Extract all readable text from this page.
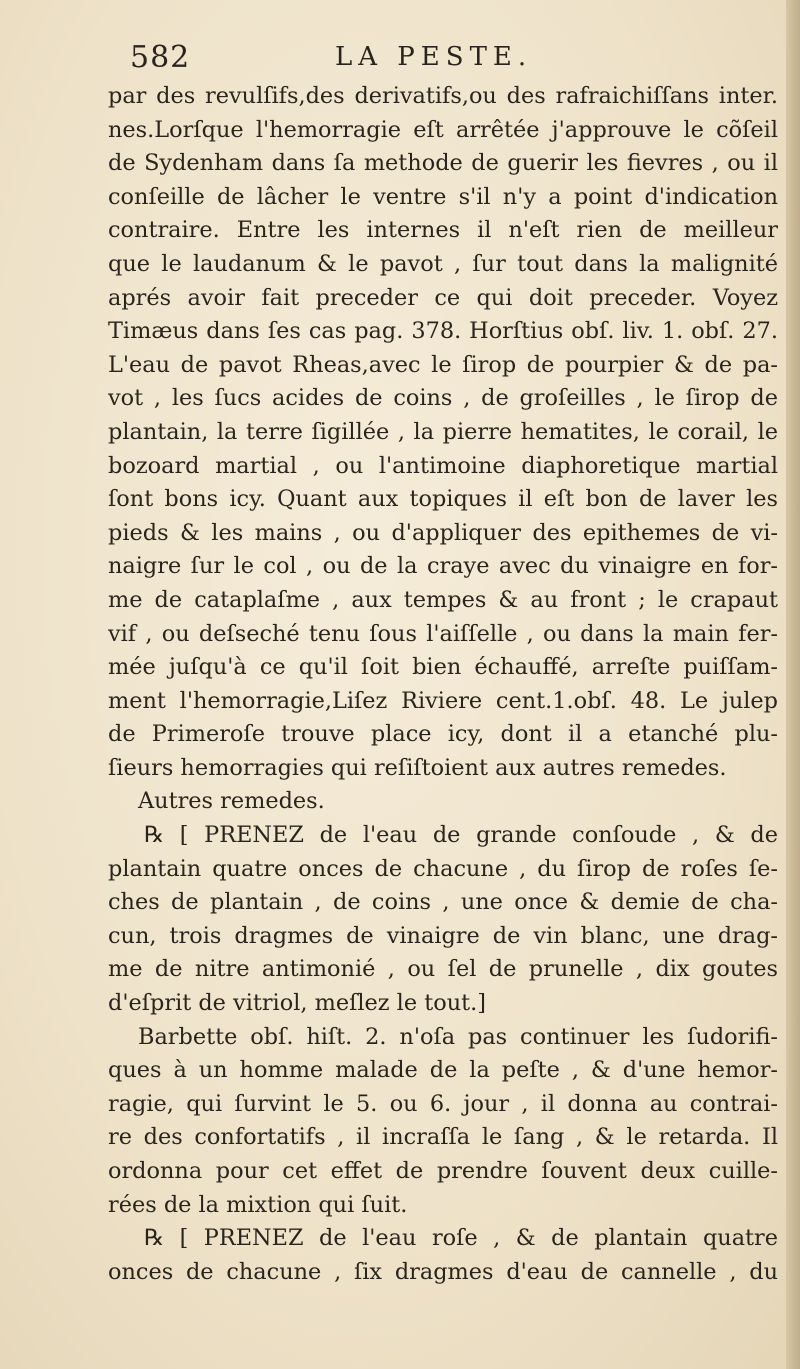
582	LA PESTE.
par des revulſifs,des derivatifs,ou des rafraichiſſans inter.
nes.Lorſque l'hemorragie eſt arrêtée j'approuve le cõſeil
de Sydenham dans ſa methode de guerir les fievres , ou il
conſeille de lâcher le ventre s'il n'y a point d'indication
contraire. Entre les internes il n'eſt rien de meilleur
que le laudanum & le pavot , ſur tout dans la malignité
aprés avoir fait preceder ce qui doit preceder. Voyez
Timæus dans ſes cas pag. 378. Horſtius obſ. liv. 1. obſ. 27.
L'eau de pavot Rheas,avec le ſirop de pourpier & de pa-
vot , les ſucs acides de coins , de groſeilles , le ſirop de
plantain, la terre ſigillée , la pierre hematites, le corail, le
bozoard martial , ou l'antimoine diaphoretique martial
ſont bons icy. Quant aux topiques il eſt bon de laver les
pieds & les mains , ou d'appliquer des epithemes de vi-
naigre ſur le col , ou de la craye avec du vinaigre en for-
me de cataplaſme , aux tempes & au front ; le crapaut
vif , ou deſseché tenu ſous l'aiſſelle , ou dans la main fer-
mée juſqu'à ce qu'il ſoit bien échauffé, arreſte puiſſam-
ment l'hemorragie,Liſez Riviere cent.1.obſ. 48. Le julep
de Primeroſe trouve place icy, dont il a etanché plu-
ſieurs hemorragies qui reſiſtoient aux autres remedes.
Autres remedes.
℞ [ PRENEZ de l'eau de grande conſoude , & de
plantain quatre onces de chacune , du ſirop de roſes ſe-
ches de plantain , de coins , une once & demie de cha-
cun, trois dragmes de vinaigre de vin blanc, une drag-
me de nitre antimonié , ou ſel de prunelle , dix goutes
d'eſprit de vitriol, meſlez le tout.]
Barbette obſ. hiſt. 2. n'oſa pas continuer les ſudorifi-
ques à un homme malade de la peſte , & d'une hemor-
ragie, qui ſurvint le 5. ou 6. jour , il donna au contrai-
re des confortatifs , il incraſſa le ſang , & le retarda. Il
ordonna pour cet effet de prendre ſouvent deux cuille-
rées de la mixtion qui ſuit.
℞ [ PRENEZ de l'eau roſe , & de plantain quatre
onces de chacune , ſix dragmes d'eau de cannelle , du
